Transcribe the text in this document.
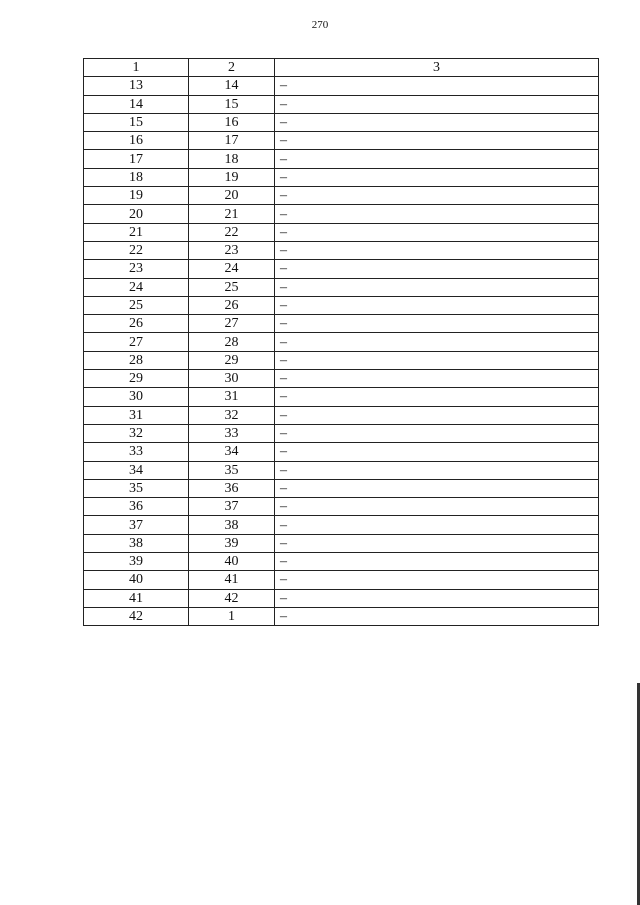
270
1	2	3
13	14	–
14	15	–
15	16	–
16	17	–
17	18	–
18	19	–
19	20	–
20	21	–
21	22	–
22	23	–
23	24	–
24	25	–
25	26	–
26	27	–
27	28	–
28	29	–
29	30	–
30	31	–
31	32	–
32	33	–
33	34	–
34	35	–
35	36	–
36	37	–
37	38	–
38	39	–
39	40	–
40	41	–
41	42	–
42	1	–
